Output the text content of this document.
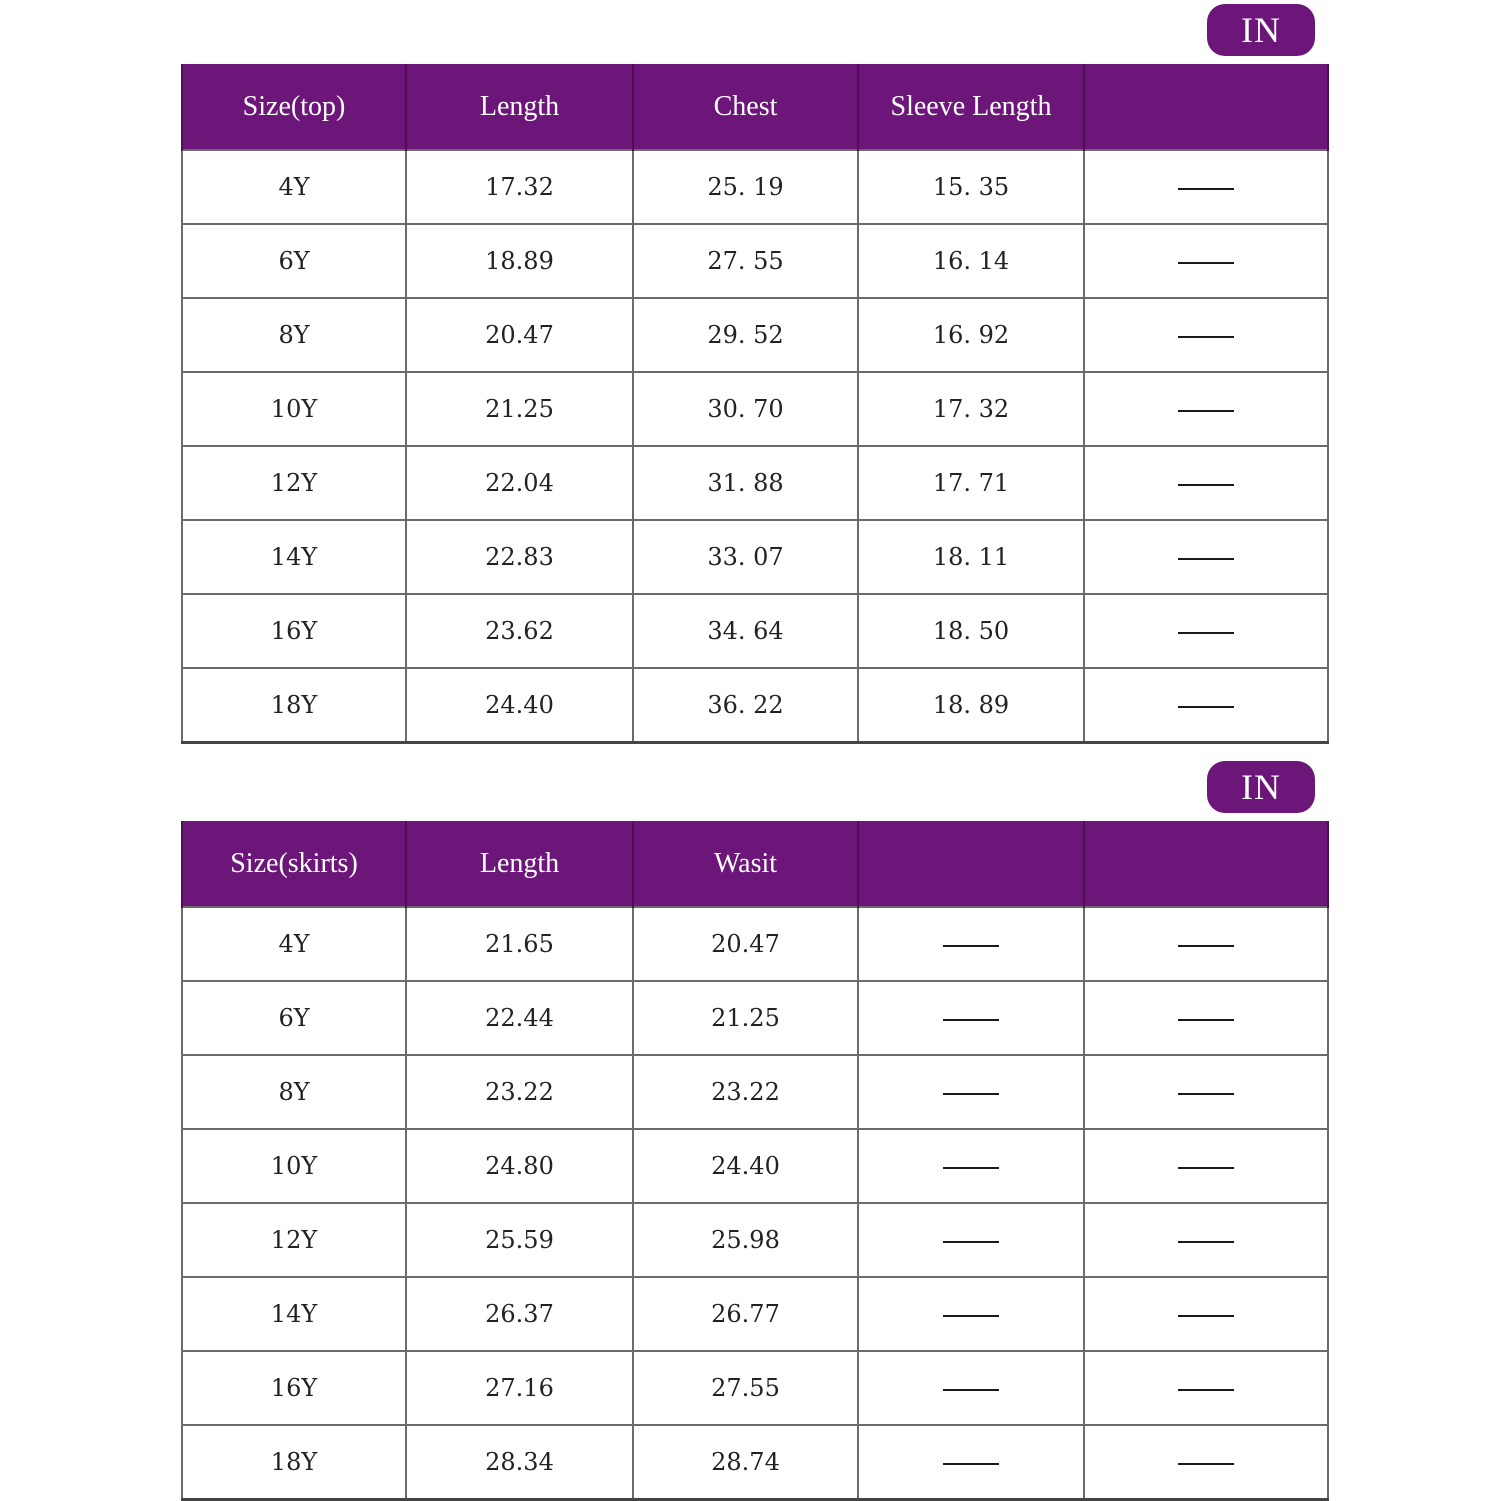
IN
Size(top)	Length	Chest	Sleeve Length	
4Y	17.32	25. 19	15. 35	
6Y	18.89	27. 55	16. 14	
8Y	20.47	29. 52	16. 92	
10Y	21.25	30. 70	17. 32	
12Y	22.04	31. 88	17. 71	
14Y	22.83	33. 07	18. 11	
16Y	23.62	34. 64	18. 50	
18Y	24.40	36. 22	18. 89	
IN
Size(skirts)	Length	Wasit		
4Y	21.65	20.47		
6Y	22.44	21.25		
8Y	23.22	23.22		
10Y	24.80	24.40		
12Y	25.59	25.98		
14Y	26.37	26.77		
16Y	27.16	27.55		
18Y	28.34	28.74		
